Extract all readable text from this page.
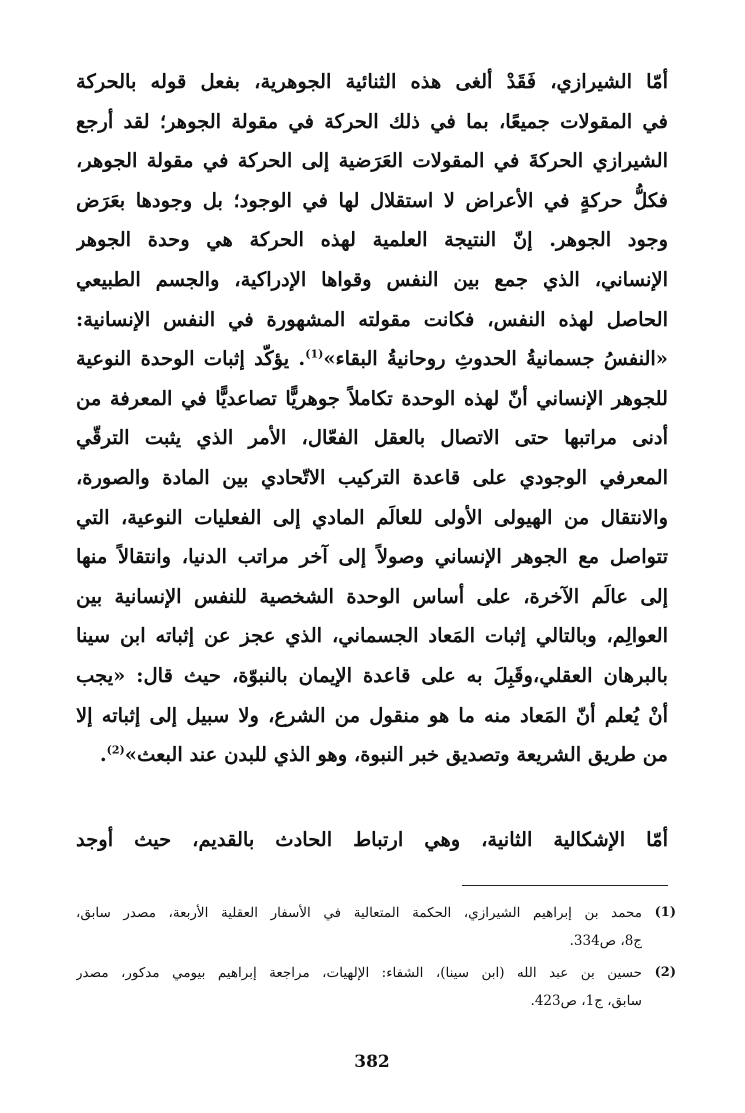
أمّا الشيرازي، فَقَدْ ألغى هذه الثنائية الجوهرية، بفعل قوله بالحركة
في المقولات جميعًا، بما في ذلك الحركة في مقولة الجوهر؛ لقد أرجع
الشيرازي الحركةَ في المقولات العَرَضية إلى الحركة في مقولة الجوهر،
فكلُّ حركةٍ في الأعراض لا استقلال لها في الوجود؛ بل وجودها بعَرَض
وجود الجوهر. إنّ النتيجة العلمية لهذه الحركة هي وحدة الجوهر
الإنساني، الذي جمع بين النفس وقواها الإدراكية، والجسم الطبيعي
الحاصل لهذه النفس، فكانت مقولته المشهورة في النفس الإنسانية:
«النفسُ جسمانيةُ الحدوثِ روحانيةُ البقاء»$^{(1)}$. يؤكّد إثبات الوحدة النوعية
للجوهر الإنساني أنّ لهذه الوحدة تكاملاً جوهريًّا تصاعديًّا في المعرفة من
أدنى مراتبها حتى الاتصال بالعقل الفعّال، الأمر الذي يثبت الترقّي
المعرفي الوجودي على قاعدة التركيب الاتّحادي بين المادة والصورة،
والانتقال من الهيولى الأولى للعالَم المادي إلى الفعليات النوعية، التي
تتواصل مع الجوهر الإنساني وصولاً إلى آخر مراتب الدنيا، وانتقالاً منها
إلى عالَم الآخرة، على أساس الوحدة الشخصية للنفس الإنسانية بين
العوالِم، وبالتالي إثبات المَعاد الجسماني، الذي عجز عن إثباته ابن سينا
بالبرهان العقلي،وقَبِلَ به على قاعدة الإيمان بالنبوّة، حيث قال: «يجب
أنْ يُعلم أنّ المَعاد منه ما هو منقول من الشرع، ولا سبيل إلى إثباته إلا
من طريق الشريعة وتصديق خبر النبوة، وهو الذي للبدن عند البعث»$^{(2)}$.
أمّا الإشكالية الثانية، وهي ارتباط الحادث بالقديم، حيث أوجد
(1)
محمد بن إبراهيم الشيرازي، الحكمة المتعالية في الأسفار العقلية الأربعة، مصدر سابق،
ج8، ص334.
(2)
حسين بن عبد الله (ابن سينا)، الشفاء: الإلهيات، مراجعة إبراهيم بيومي مدكور، مصدر
سابق، ج1، ص423.
382
